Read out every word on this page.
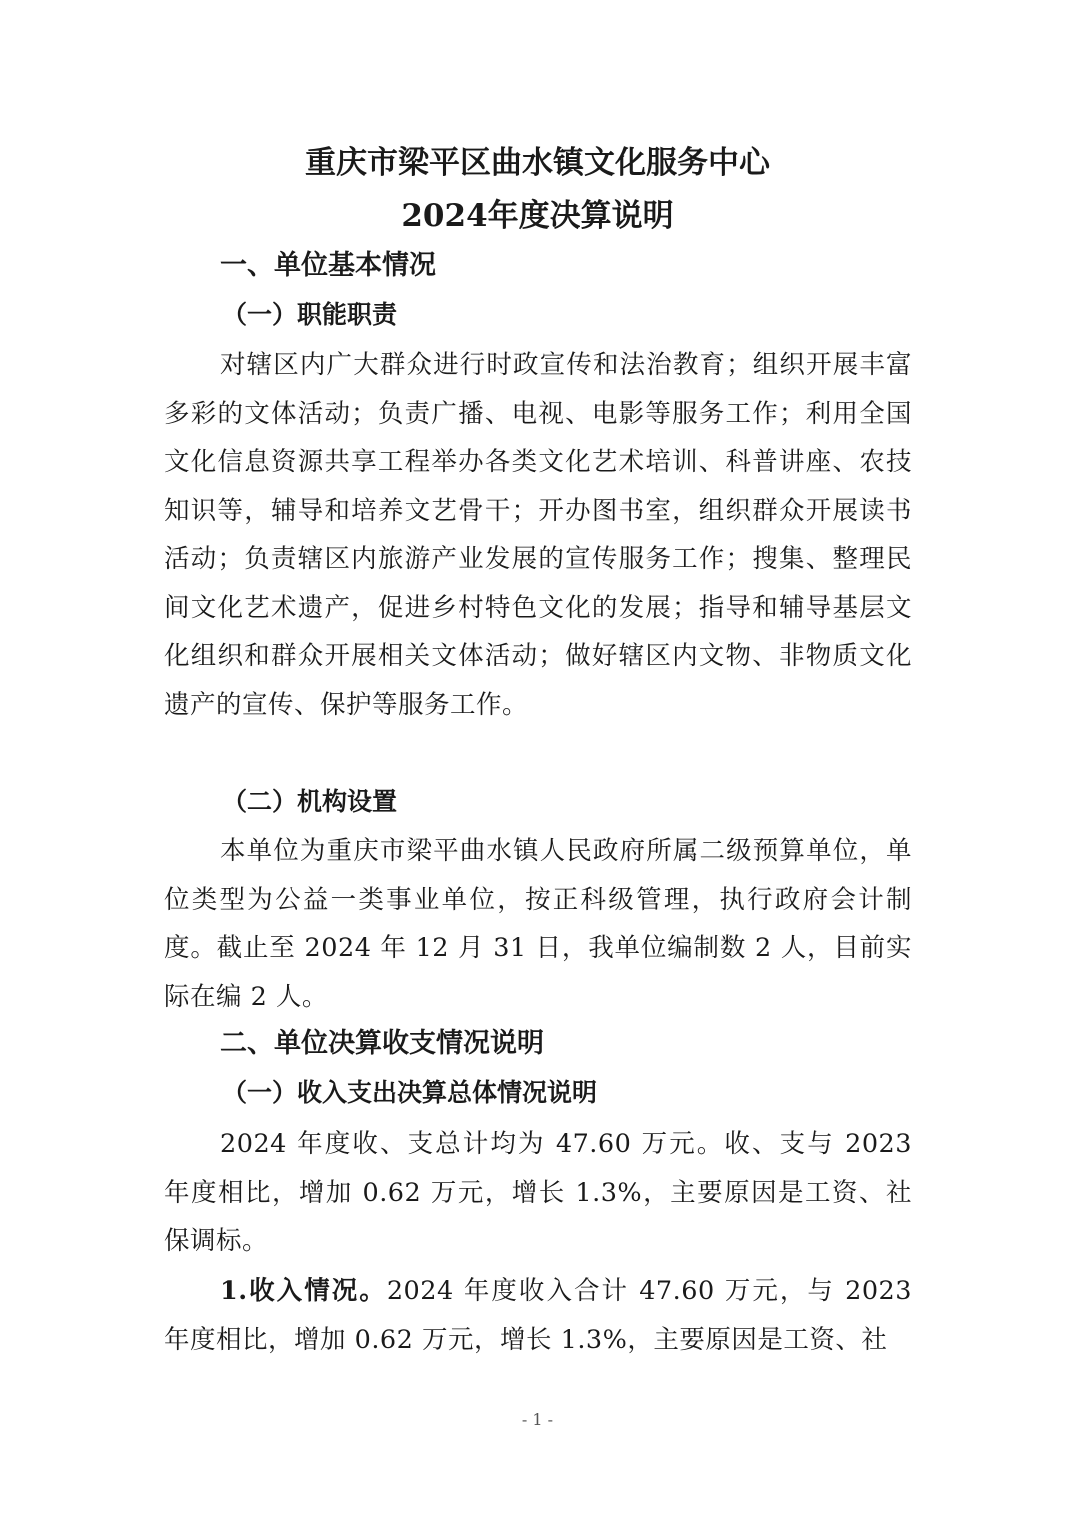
重庆市梁平区曲水镇文化服务中心
2024年度决算说明
一、单位基本情况
（一）职能职责

对辖区内广大群众进行时政宣传和法治教育；组织开展丰富多彩的文体活动；负责广播、电视、电影等服务工作；利用全国文化信息资源共享工程举办各类文化艺术培训、科普讲座、农技知识等，辅导和培养文艺骨干；开办图书室，组织群众开展读书活动；负责辖区内旅游产业发展的宣传服务工作；搜集、整理民间文化艺术遗产，促进乡村特色文化的发展；指导和辅导基层文化组织和群众开展相关文体活动；做好辖区内文物、非物质文化遗产的宣传、保护等服务工作。

（二）机构设置

本单位为重庆市梁平曲水镇人民政府所属二级预算单位，单位类型为公益一类事业单位，按正科级管理，执行政府会计制度。截止至 2024 年 12 月 31 日，我单位编制数 2 人，目前实际在编 2 人。

二、单位决算收支情况说明
（一）收入支出决算总体情况说明

2024 年度收、支总计均为 47.60 万元。收、支与 2023 年度相比，增加 0.62 万元，增长 1.3%，主要原因是工资、社保调标。

1.收入情况。2024 年度收入合计 47.60 万元，与 2023 年度相比，增加 0.62 万元，增长 1.3%，主要原因是工资、社

- 1 -
